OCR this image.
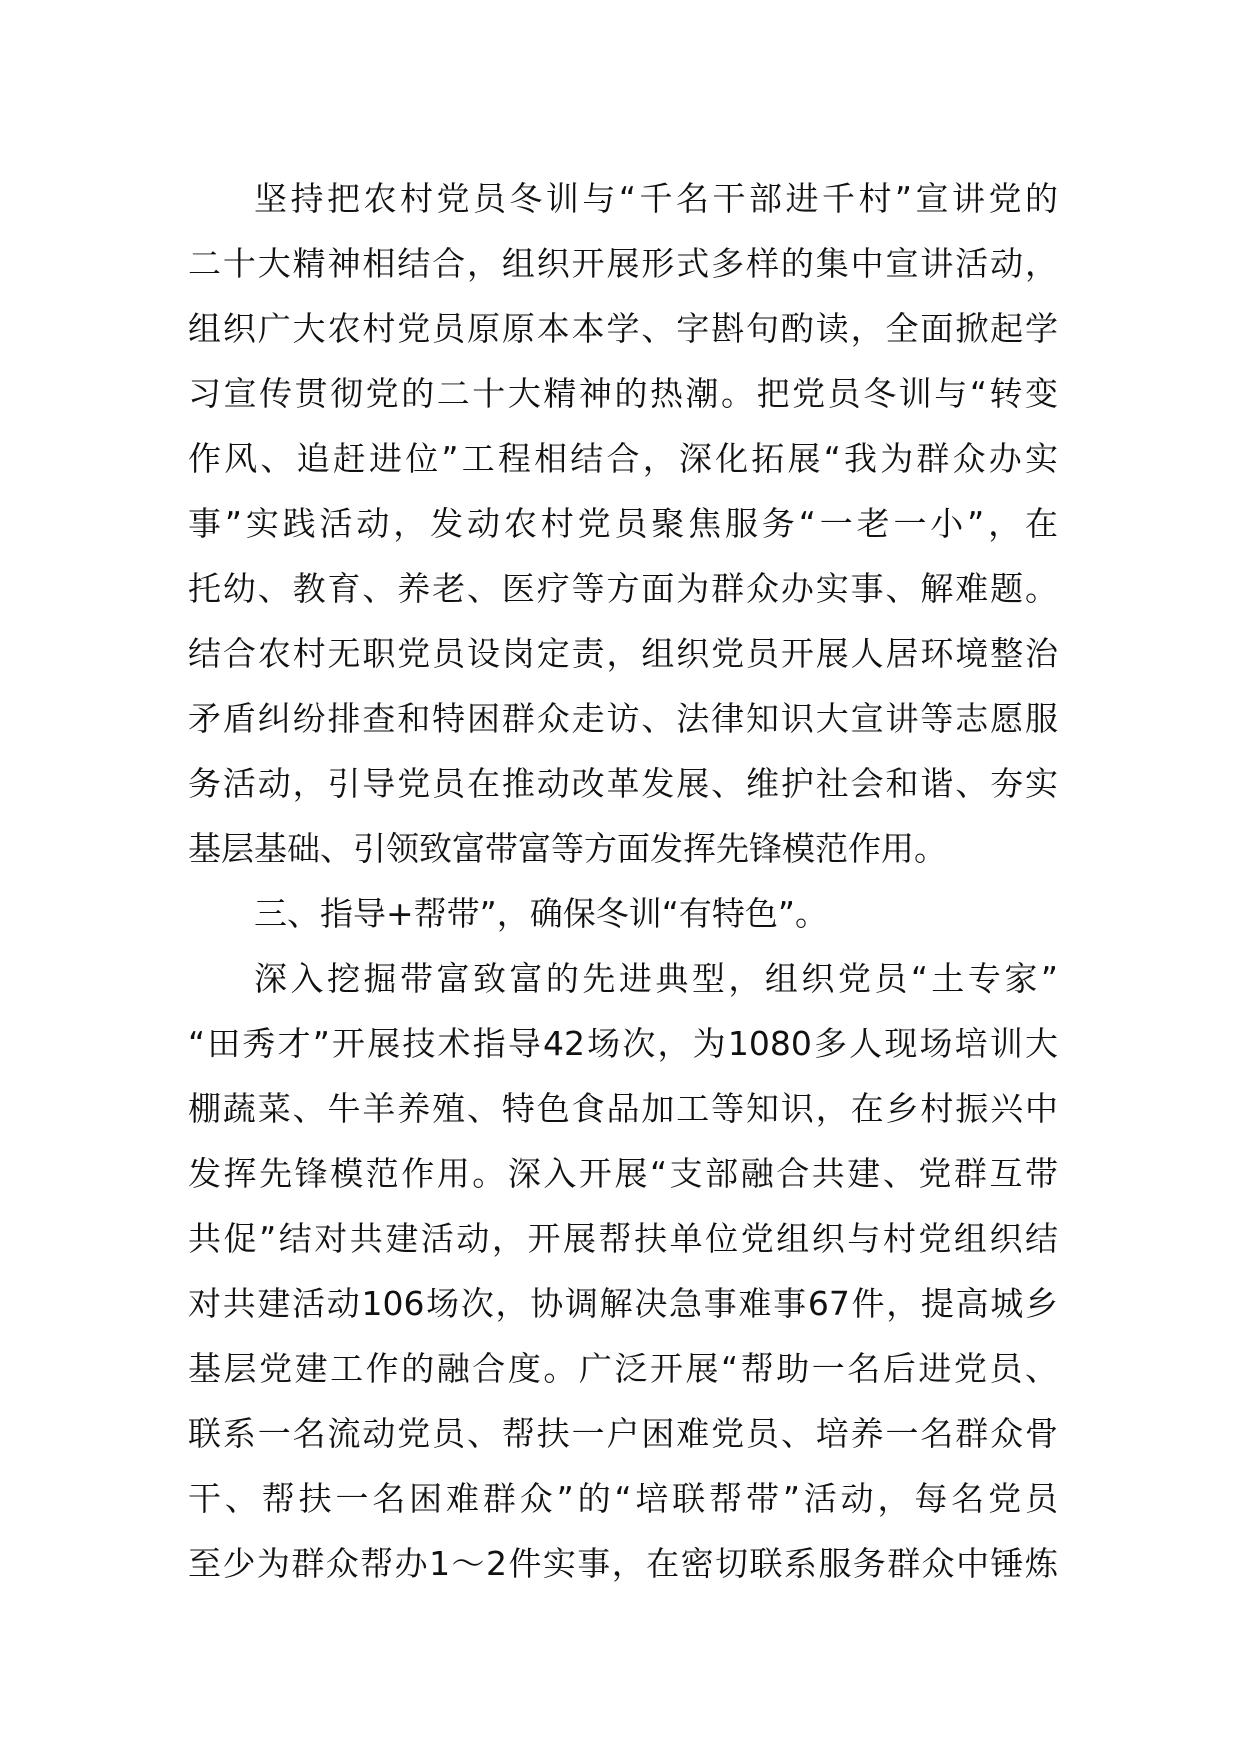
坚持把农村党员冬训与“千名干部进千村”宣讲党的
二十大精神相结合，组织开展形式多样的集中宣讲活动，
组织广大农村党员原原本本学、字斟句酌读，全面掀起学
习宣传贯彻党的二十大精神的热潮。把党员冬训与“转变
作风、追赶进位”工程相结合，深化拓展“我为群众办实
事”实践活动，发动农村党员聚焦服务“一老一小”，在
托幼、教育、养老、医疗等方面为群众办实事、解难题。
结合农村无职党员设岗定责，组织党员开展人居环境整治
矛盾纠纷排查和特困群众走访、法律知识大宣讲等志愿服
务活动，引导党员在推动改革发展、维护社会和谐、夯实
基层基础、引领致富带富等方面发挥先锋模范作用。
三、指导+帮带”，确保冬训“有特色”。
深入挖掘带富致富的先进典型，组织党员“土专家”
“田秀才”开展技术指导42场次，为1080多人现场培训大
棚蔬菜、牛羊养殖、特色食品加工等知识，在乡村振兴中
发挥先锋模范作用。深入开展“支部融合共建、党群互带
共促”结对共建活动，开展帮扶单位党组织与村党组织结
对共建活动106场次，协调解决急事难事67件，提高城乡
基层党建工作的融合度。广泛开展“帮助一名后进党员、
联系一名流动党员、帮扶一户困难党员、培养一名群众骨
干、帮扶一名困难群众”的“培联帮带”活动，每名党员
至少为群众帮办1～2件实事，在密切联系服务群众中锤炼
